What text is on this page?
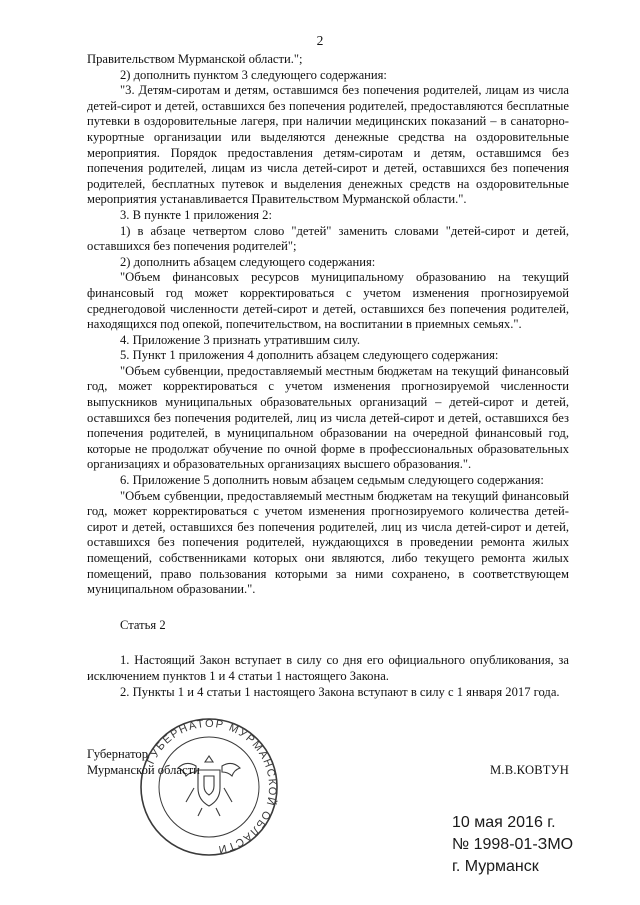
2

Правительством Мурманской области.";

2) дополнить пунктом 3 следующего содержания:

"3. Детям-сиротам и детям, оставшимся без попечения родителей, лицам из числа детей-сирот и детей, оставшихся без попечения родителей, предоставляются бесплатные путевки в оздоровительные лагеря, при наличии медицинских показаний – в санаторно-курортные организации или выделяются денежные средства на оздоровительные мероприятия. Порядок предоставления детям-сиротам и детям, оставшимся без попечения родителей, лицам из числа детей-сирот и детей, оставшихся без попечения родителей, бесплатных путевок и выделения денежных средств на оздоровительные мероприятия устанавливается Правительством Мурманской области.".

3. В пункте 1 приложения 2:

1) в абзаце четвертом слово "детей" заменить словами "детей-сирот и детей, оставшихся без попечения родителей";

2) дополнить абзацем следующего содержания:

"Объем финансовых ресурсов муниципальному образованию на текущий финансовый год может корректироваться с учетом изменения прогнозируемой среднегодовой численности детей-сирот и детей, оставшихся без попечения родителей, находящихся под опекой, попечительством, на воспитании в приемных семьях.".

4. Приложение 3 признать утратившим силу.

5. Пункт 1 приложения 4 дополнить абзацем следующего содержания:

"Объем субвенции, предоставляемый местным бюджетам на текущий финансовый год, может корректироваться с учетом изменения прогнозируемой численности выпускников муниципальных образовательных организаций – детей-сирот и детей, оставшихся без попечения родителей, лиц из числа детей-сирот и детей, оставшихся без попечения родителей, в муниципальном образовании на очередной финансовый год, которые не продолжат обучение по очной форме в профессиональных образовательных организациях и образовательных организациях высшего образования.".

6. Приложение 5 дополнить новым абзацем седьмым следующего содержания:

"Объем субвенции, предоставляемый местным бюджетам на текущий финансовый год, может корректироваться с учетом изменения прогнозируемого количества детей-сирот и детей, оставшихся без попечения родителей, лиц из числа детей-сирот и детей, оставшихся без попечения родителей, нуждающихся в проведении ремонта жилых помещений, собственниками которых они являются, либо текущего ремонта жилых помещений, право пользования которыми за ними сохранено, в соответствующем муниципальном образовании.".

Статья 2

1. Настоящий Закон вступает в силу со дня его официального опубликования, за исключением пунктов 1 и 4 статьи 1 настоящего Закона.

2. Пункты 1 и 4 статьи 1 настоящего Закона вступают в силу с 1 января 2017 года.

ГУБЕРНАТОР МУРМАНСКОЙ ОБЛАСТИ
Губернатор
Мурманской области	М.В.КОВТУН
10 мая 2016 г.
№ 1998-01-ЗМО
г. Мурманск
